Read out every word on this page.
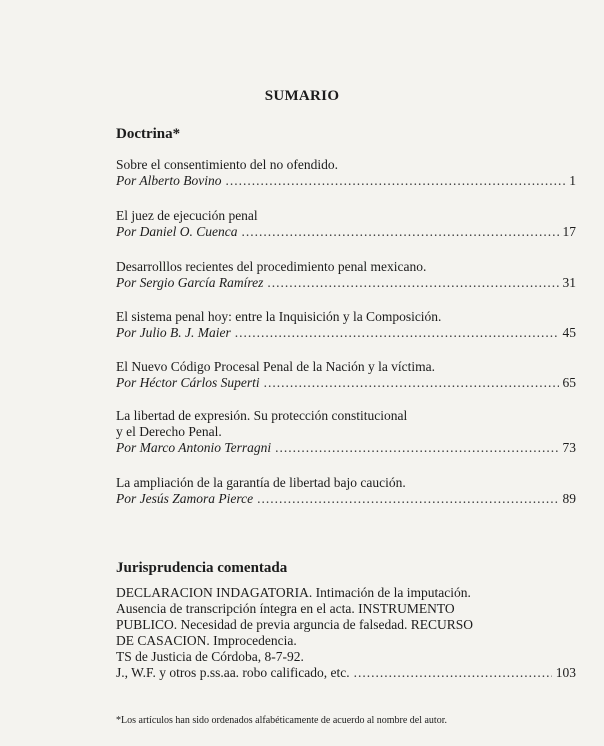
SUMARIO
Doctrina*
Sobre el consentimiento del no ofendido.
Por Alberto Bovino .....	1
El juez de ejecución penal
Por Daniel O. Cuenca .....	17
Desarrolllos recientes del procedimiento penal mexicano.
Por Sergio García Ramírez .....	31
El sistema penal hoy: entre la Inquisición y la Composición.
Por Julio B. J. Maier .....	45
El Nuevo Código Procesal Penal de la Nación y la víctima.
Por Héctor Cárlos Superti .....	65
La libertad de expresión. Su protección constitucional
y el Derecho Penal.
Por Marco Antonio Terragni .....	73
La ampliación de la garantía de libertad bajo caución.
Por Jesús Zamora Pierce .....	89
Jurisprudencia comentada
DECLARACION INDAGATORIA. Intimación de la imputación.
Ausencia de transcripción íntegra en el acta. INSTRUMENTO
PUBLICO. Necesidad de previa arguncia de falsedad. RECURSO
DE CASACION. Improcedencia.
TS de Justicia de Córdoba, 8-7-92.
J., W.F. y otros p.ss.aa. robo calificado, etc. .....	103
*Los artículos han sido ordenados alfabéticamente de acuerdo al nombre del autor.
